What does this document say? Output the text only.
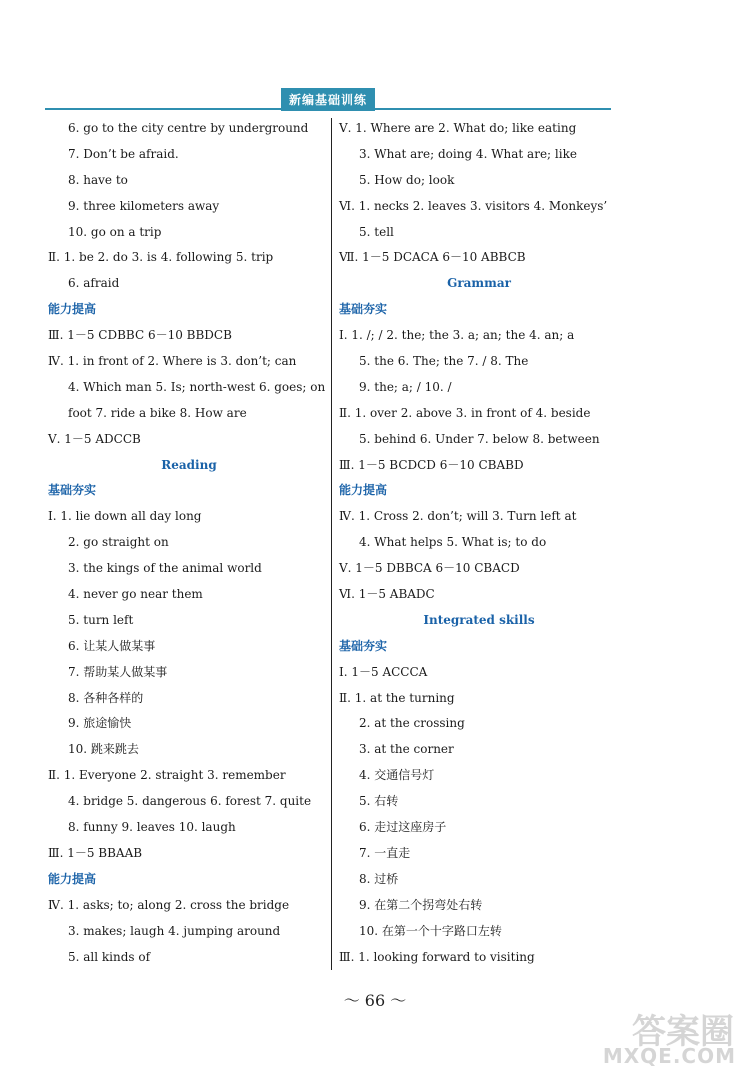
新编基础训练
6. go to the city centre by underground
7. Don’t be afraid.
8. have to
9. three kilometers away
10. go on a trip
Ⅱ. 1. be 2. do 3. is 4. following 5. trip
6. afraid
能力提高
Ⅲ. 1－5 CDBBC 6－10 BBDCB
Ⅳ. 1. in front of 2. Where is 3. don’t; can
4. Which man 5. Is; north-west 6. goes; on
foot 7. ride a bike 8. How are
Ⅴ. 1－5 ADCCB
Reading
基础夯实
Ⅰ. 1. lie down all day long
2. go straight on
3. the kings of the animal world
4. never go near them
5. turn left
6. 让某人做某事
7. 帮助某人做某事
8. 各种各样的
9. 旅途愉快
10. 跳来跳去
Ⅱ. 1. Everyone 2. straight 3. remember
4. bridge 5. dangerous 6. forest 7. quite
8. funny 9. leaves 10. laugh
Ⅲ. 1－5 BBAAB
能力提高
Ⅳ. 1. asks; to; along 2. cross the bridge
3. makes; laugh 4. jumping around
5. all kinds of
Ⅴ. 1. Where are 2. What do; like eating
3. What are; doing 4. What are; like
5. How do; look
Ⅵ. 1. necks 2. leaves 3. visitors 4. Monkeys’
5. tell
Ⅶ. 1－5 DCACA 6－10 ABBCB
Grammar
基础夯实
Ⅰ. 1. /; / 2. the; the 3. a; an; the 4. an; a
5. the 6. The; the 7. / 8. The
9. the; a; / 10. /
Ⅱ. 1. over 2. above 3. in front of 4. beside
5. behind 6. Under 7. below 8. between
Ⅲ. 1－5 BCDCD 6－10 CBABD
能力提高
Ⅳ. 1. Cross 2. don’t; will 3. Turn left at
4. What helps 5. What is; to do
Ⅴ. 1－5 DBBCA 6－10 CBACD
Ⅵ. 1－5 ABADC
Integrated skills
基础夯实
Ⅰ. 1－5 ACCCA
Ⅱ. 1. at the turning
2. at the crossing
3. at the corner
4. 交通信号灯
5. 右转
6. 走过这座房子
7. 一直走
8. 过桥
9. 在第二个拐弯处右转
10. 在第一个十字路口左转
Ⅲ. 1. looking forward to visiting
～ 66 ～
答案圈
MXQE.COM
